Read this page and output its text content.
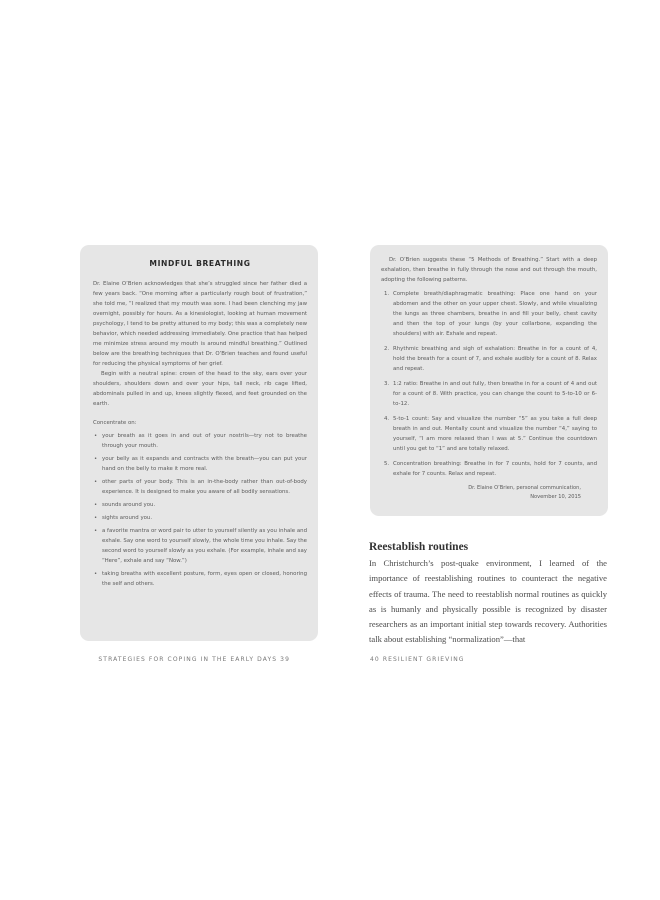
MINDFUL BREATHING

Dr. Elaine O’Brien acknowledges that she’s struggled since her father died a few years back. “One morning after a particularly rough bout of frustration,” she told me, “I realized that my mouth was sore. I had been clenching my jaw overnight, possibly for hours. As a kinesiologist, looking at human movement psychology, I tend to be pretty attuned to my body; this was a completely new behavior, which needed addressing immediately. One practice that has helped me minimize stress around my mouth is around mindful breathing.” Outlined below are the breathing techniques that Dr. O’Brien teaches and found useful for reducing the physical symptoms of her grief.

Begin with a neutral spine: crown of the head to the sky, ears over your shoulders, shoulders down and over your hips, tall neck, rib cage lifted, abdominals pulled in and up, knees slightly flexed, and feet grounded on the earth.

Concentrate on:
• your breath as it goes in and out of your nostrils—try not to breathe through your mouth.
• your belly as it expands and contracts with the breath—you can put your hand on the belly to make it more real.
• other parts of your body. This is an in-the-body rather than out-of-body experience. It is designed to make you aware of all bodily sensations.
• sounds around you.
• sights around you.
• a favorite mantra or word pair to utter to yourself silently as you inhale and exhale. Say one word to yourself slowly, the whole time you inhale. Say the second word to yourself slowly as you exhale. (For example, inhale and say “Here”, exhale and say “Now.”)
• taking breaths with excellent posture, form, eyes open or closed, honoring the self and others.
STRATEGIES FOR COPING IN THE EARLY DAYS 39

Dr. O’Brien suggests these “5 Methods of Breathing.” Start with a deep exhalation, then breathe in fully through the nose and out through the mouth, adopting the following patterns.

1. Complete breath/diaphragmatic breathing: Place one hand on your abdomen and the other on your upper chest. Slowly, and while visualizing the lungs as three chambers, breathe in and fill your belly, chest cavity and then the top of your lungs (by your collarbone, expanding the shoulders) with air. Exhale and repeat.
2. Rhythmic breathing and sigh of exhalation: Breathe in for a count of 4, hold the breath for a count of 7, and exhale audibly for a count of 8. Relax and repeat.
3. 1:2 ratio: Breathe in and out fully, then breathe in for a count of 4 and out for a count of 8. With practice, you can change the count to 5-to-10 or 6-to-12.
4. 5-to-1 count: Say and visualize the number “5” as you take a full deep breath in and out. Mentally count and visualize the number “4,” saying to yourself, “I am more relaxed than I was at 5.” Continue the countdown until you get to “1” and are totally relaxed.
5. Concentration breathing: Breathe in for 7 counts, hold for 7 counts, and exhale for 7 counts. Relax and repeat.
Dr. Elaine O’Brien, personal communication,
November 10, 2015
Reestablish routines

In Christchurch’s post-quake environment, I learned of the importance of reestablishing routines to counteract the negative effects of trauma. The need to reestablish normal routines as quickly as is humanly and physically possible is recognized by disaster researchers as an important initial step towards recovery. Authorities talk about establishing “normalization”—that

40 RESILIENT GRIEVING
